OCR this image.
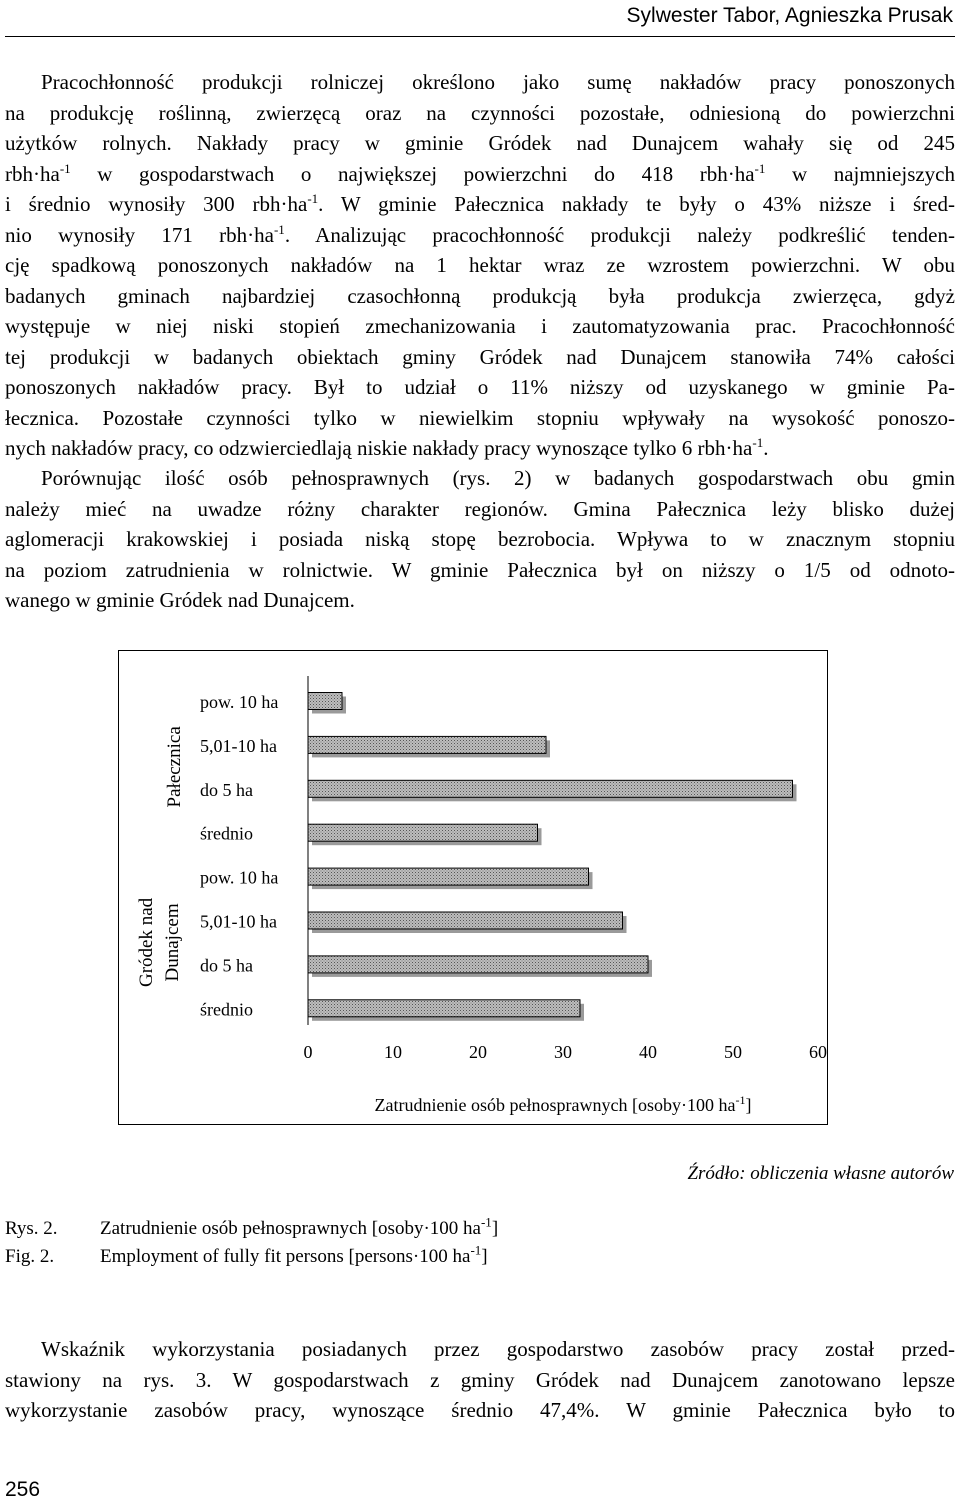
Sylwester Tabor, Agnieszka Prusak
Pracochłonność produkcji rolniczej określono jako sumę nakładów pracy ponoszonych
na produkcję roślinną, zwierzęcą oraz na czynności pozostałe, odniesioną do powierzchni
użytków rolnych. Nakłady pracy w gminie Gródek nad Dunajcem wahały się od 245
$rbh\cdot ha^{-1}$ w gospodarstwach o największej powierzchni do 418 $rbh\cdot ha^{-1}$ w najmniejszych
i średnio wynosiły 300 $rbh\cdot ha^{-1}$. W gminie Pałecznica nakłady te były o 43% niższe i śred-
nio wynosiły 171 $rbh\cdot ha^{-1}$. Analizując pracochłonność produkcji należy podkreślić tenden-
cję spadkową ponoszonych nakładów na 1 hektar wraz ze wzrostem powierzchni. W obu
badanych gminach najbardziej czasochłonną produkcją była produkcja zwierzęca, gdyż
występuje w niej niski stopień zmechanizowania i zautomatyzowania prac. Pracochłonność
tej produkcji w badanych obiektach gminy Gródek nad Dunajcem stanowiła 74% całości
ponoszonych nakładów pracy. Był to udział o 11% niższy od uzyskanego w gminie Pa-
łecznica. Pozostałe czynności tylko w niewielkim stopniu wpływały na wysokość ponoszo-
nych nakładów pracy, co odzwierciedlają niskie nakłady pracy wynoszące tylko 6 $rbh\cdot ha^{-1}$.
Porównując ilość osób pełnosprawnych (rys. 2) w badanych gospodarstwach obu gmin
należy mieć na uwadze różny charakter regionów. Gmina Pałecznica leży blisko dużej
aglomeracji krakowskiej i posiada niską stopę bezrobocia. Wpływa to w znacznym stopniu
na poziom zatrudnienia w rolnictwie. W gminie Pałecznica był on niższy o 1/5 od odnoto-
wanego w gminie Gródek nad Dunajcem.
pow. 10 ha
5,01-10 ha
do 5 ha
średnio
pow. 10 ha
5,01-10 ha
do 5 ha
średnio
Pałecznica
Gródek nad Dunajcem
0	10	20	30	40	50	60
Zatrudnienie osób pełnosprawnych [osoby·100 $ha^{-1}$]
Źródło: obliczenia własne autorów
Rys. 2. Zatrudnienie osób pełnosprawnych [osoby·100 $ha^{-1}$]
Fig. 2. Employment of fully fit persons [persons·100 $ha^{-1}$]
Wskaźnik wykorzystania posiadanych przez gospodarstwo zasobów pracy został przed-
stawiony na rys. 3. W gospodarstwach z gminy Gródek nad Dunajcem zanotowano lepsze
wykorzystanie zasobów pracy, wynoszące średnio 47,4%. W gminie Pałecznica było to
256
